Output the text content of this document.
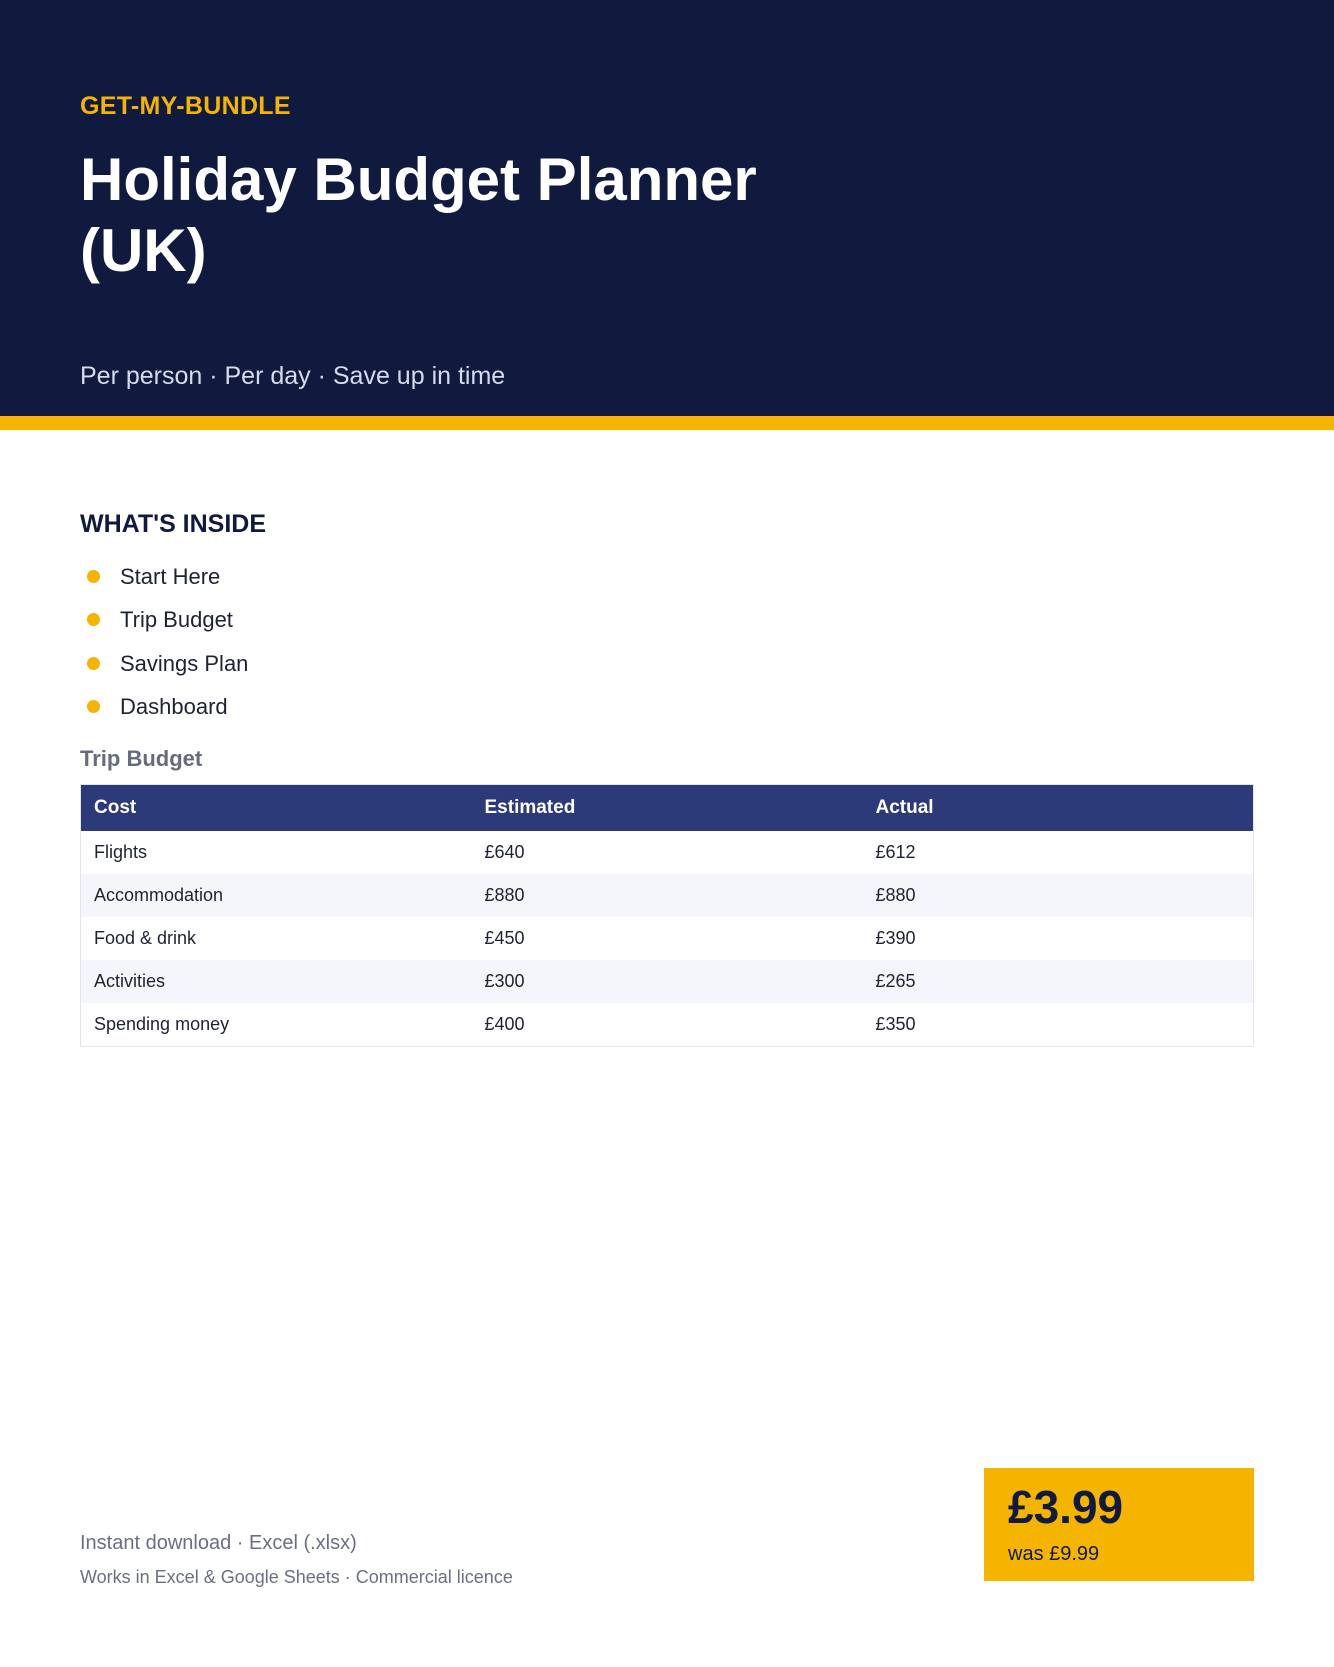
GET-MY-BUNDLE
Holiday Budget Planner (UK)
Per person · Per day · Save up in time
WHAT'S INSIDE
Start Here
Trip Budget
Savings Plan
Dashboard
Trip Budget
Cost	Estimated	Actual
Flights	£640	£612
Accommodation	£880	£880
Food & drink	£450	£390
Activities	£300	£265
Spending money	£400	£350
Instant download · Excel (.xlsx)
Works in Excel & Google Sheets · Commercial licence
£3.99
was £9.99
